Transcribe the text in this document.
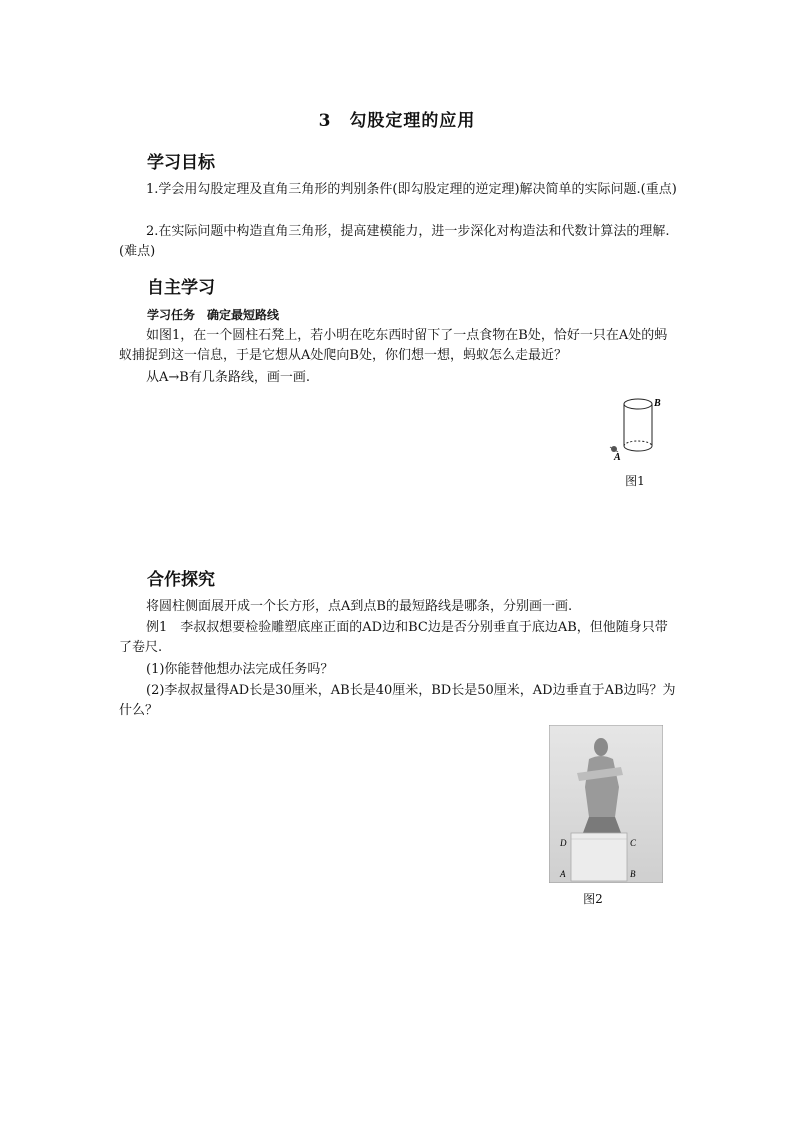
3　勾股定理的应用
学习目标
1.学会用勾股定理及直角三角形的判别条件(即勾股定理的逆定理)解决简单的实际问题.(重点)
2.在实际问题中构造直角三角形，提高建模能力，进一步深化对构造法和代数计算法的理解.(难点)
自主学习
学习任务　确定最短路线
如图1，在一个圆柱石凳上，若小明在吃东西时留下了一点食物在B处，恰好一只在A处的蚂蚁捕捉到这一信息，于是它想从A处爬向B处，你们想一想，蚂蚁怎么走最近？
从A→B有几条路线，画一画.
B
A
图1
合作探究
将圆柱侧面展开成一个长方形，点A到点B的最短路线是哪条，分别画一画.
例1　李叔叔想要检验雕塑底座正面的AD边和BC边是否分别垂直于底边AB，但他随身只带了卷尺.
(1)你能替他想办法完成任务吗？
(2)李叔叔量得AD长是30厘米，AB长是40厘米，BD长是50厘米，AD边垂直于AB边吗？为什么？
D	C
A	B
图2
